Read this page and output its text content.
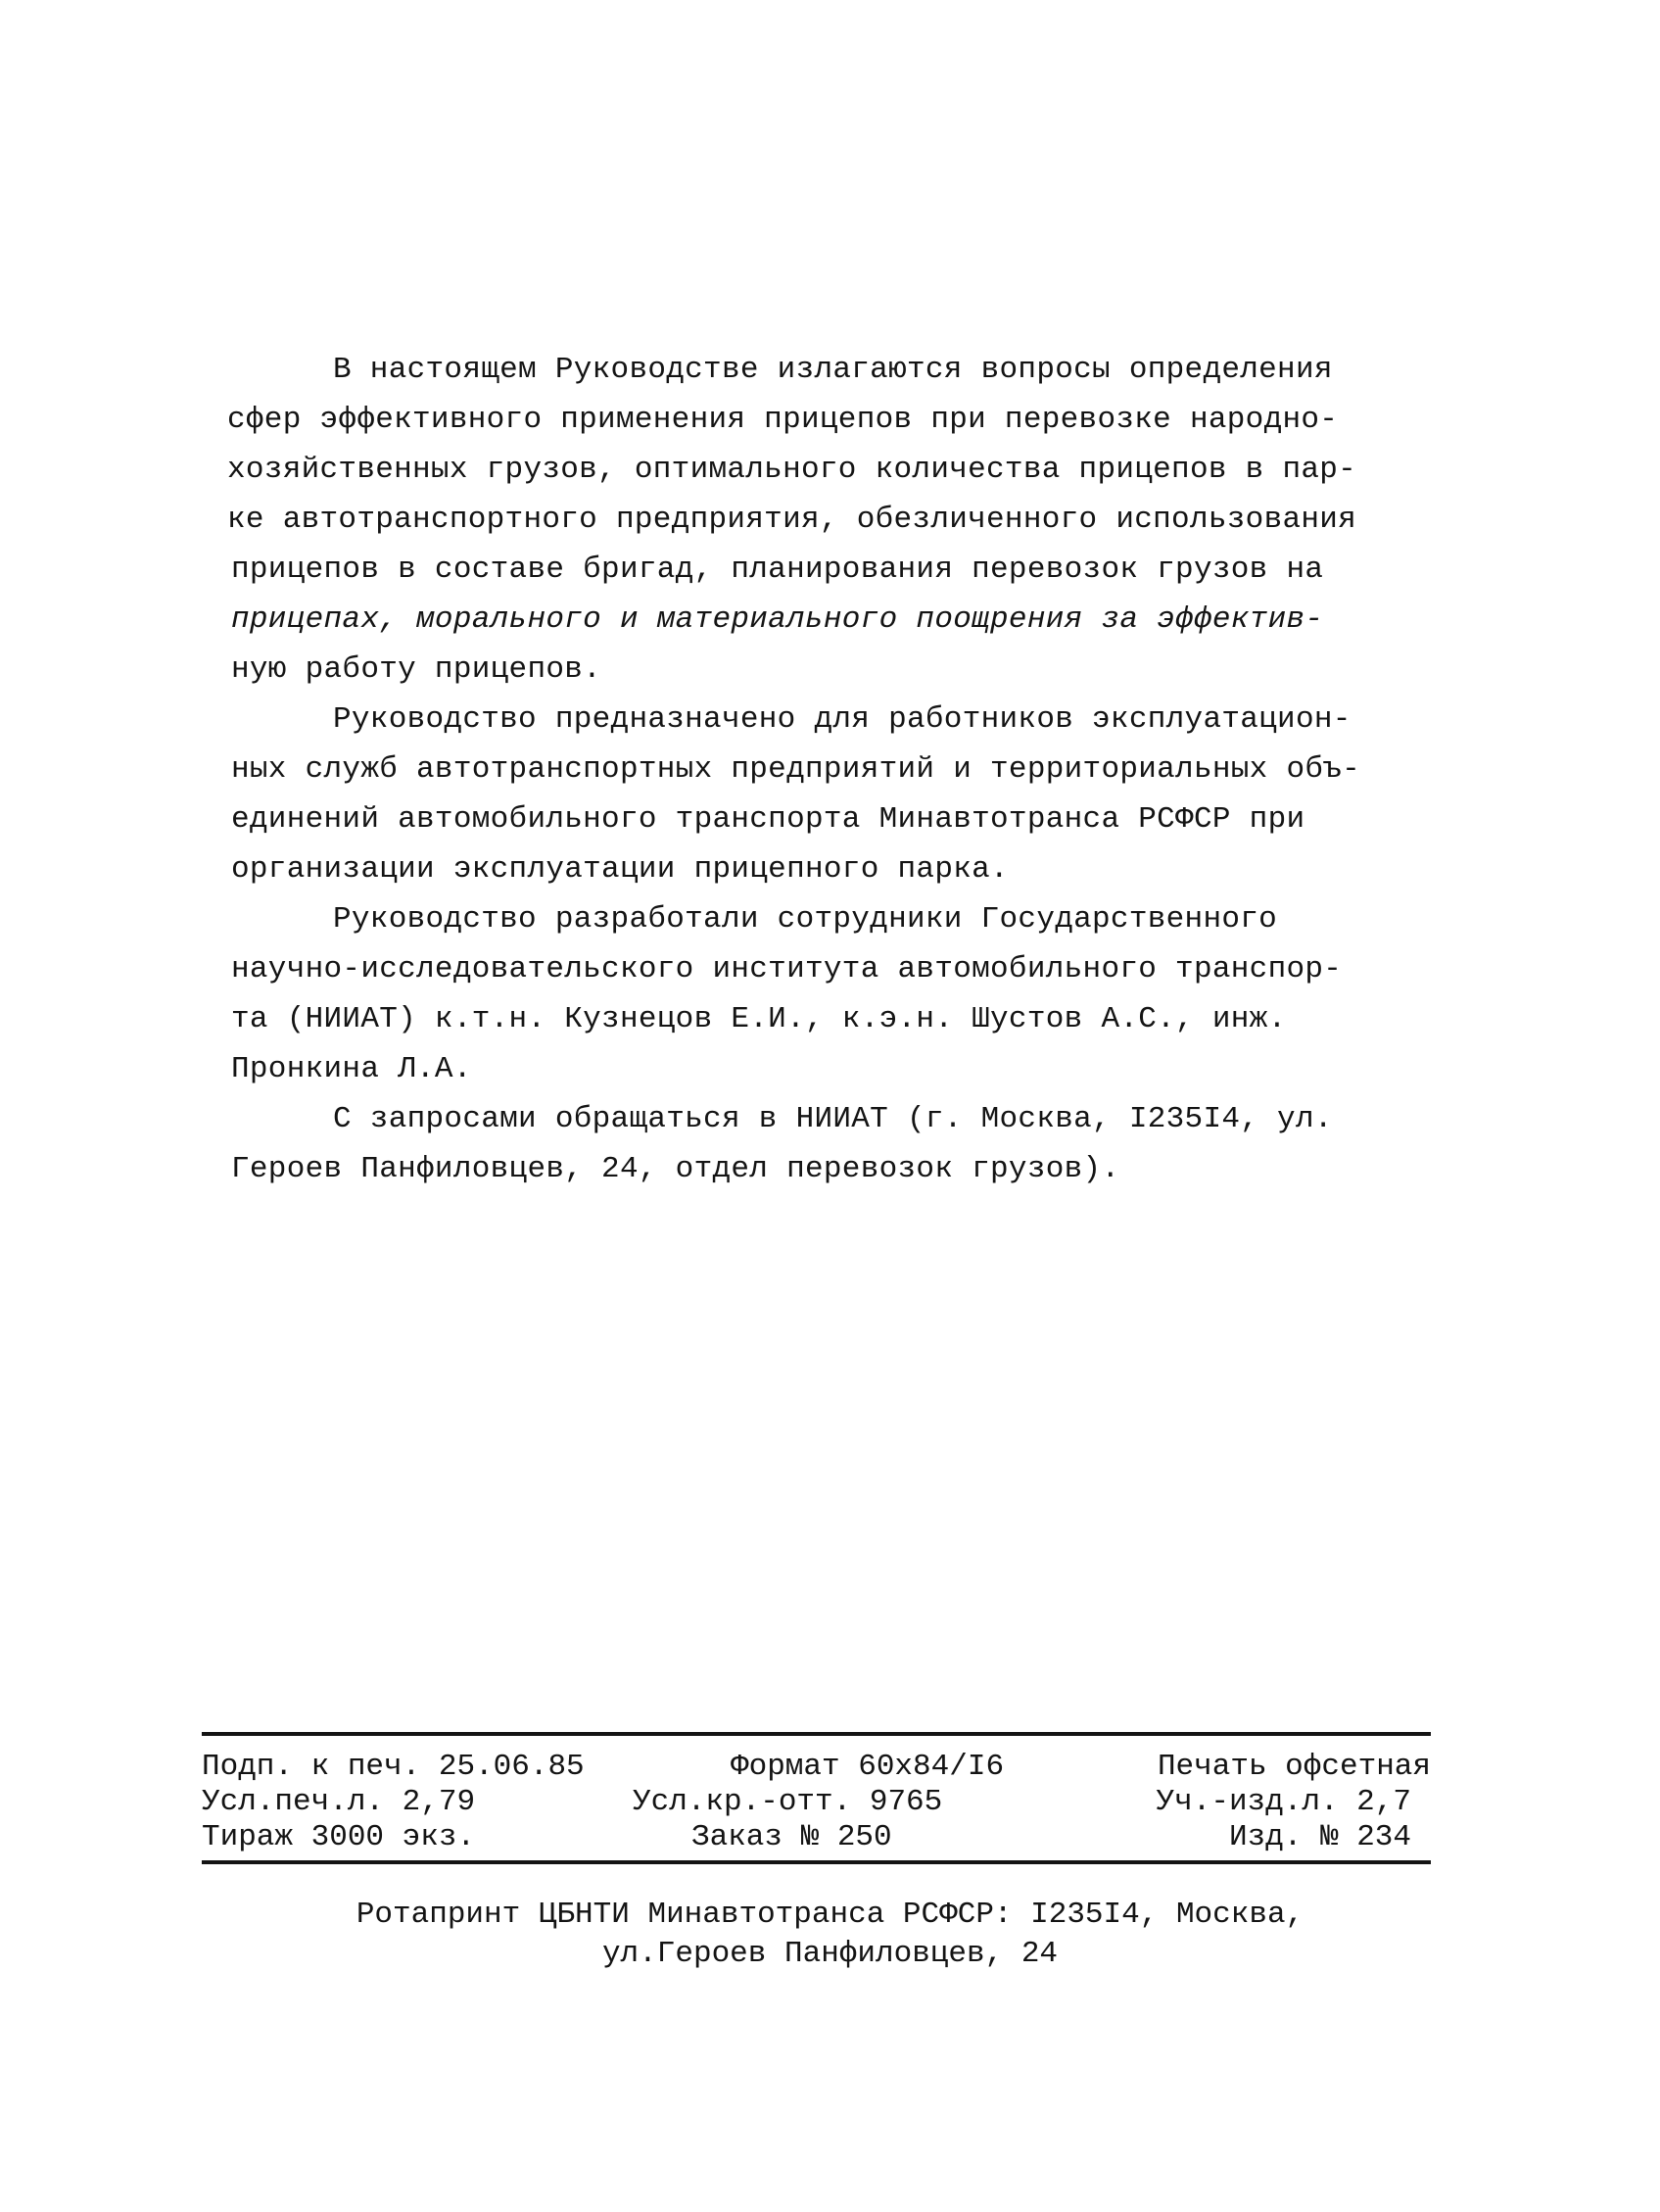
В настоящем Руководстве излагаются вопросы определения
сфер эффективного применения прицепов при перевозке народно-
хозяйственных грузов, оптимального количества прицепов в пар-
ке автотранспортного предприятия, обезличенного использования
прицепов в составе бригад, планирования перевозок грузов на
прицепах, морального и материального поощрения за эффектив-
ную работу прицепов.
Руководство предназначено для работников эксплуатацион-
ных служб автотранспортных предприятий и территориальных объ-
единений автомобильного транспорта Минавтотранса РСФСР при
организации эксплуатации прицепного парка.
Руководство разработали сотрудники Государственного
научно-исследовательского института автомобильного транспор-
та (НИИАТ) к.т.н. Кузнецов Е.И., к.э.н. Шустов А.С., инж.
Пронкина Л.А.
С запросами обращаться в НИИАТ (г. Москва, I235I4, ул.
Героев Панфиловцев, 24, отдел перевозок грузов).
Подп. к печ. 25.06.85	Формат 60x84/I6	Печать офсетная
Усл.печ.л. 2,79	Усл.кр.-отт. 9765	Уч.-изд.л. 2,7
Тираж 3000 экз.	Заказ № 250	Изд. № 234
Ротапринт ЦБНТИ Минавтотранса РСФСР: I235I4, Москва,
ул.Героев Панфиловцев, 24
